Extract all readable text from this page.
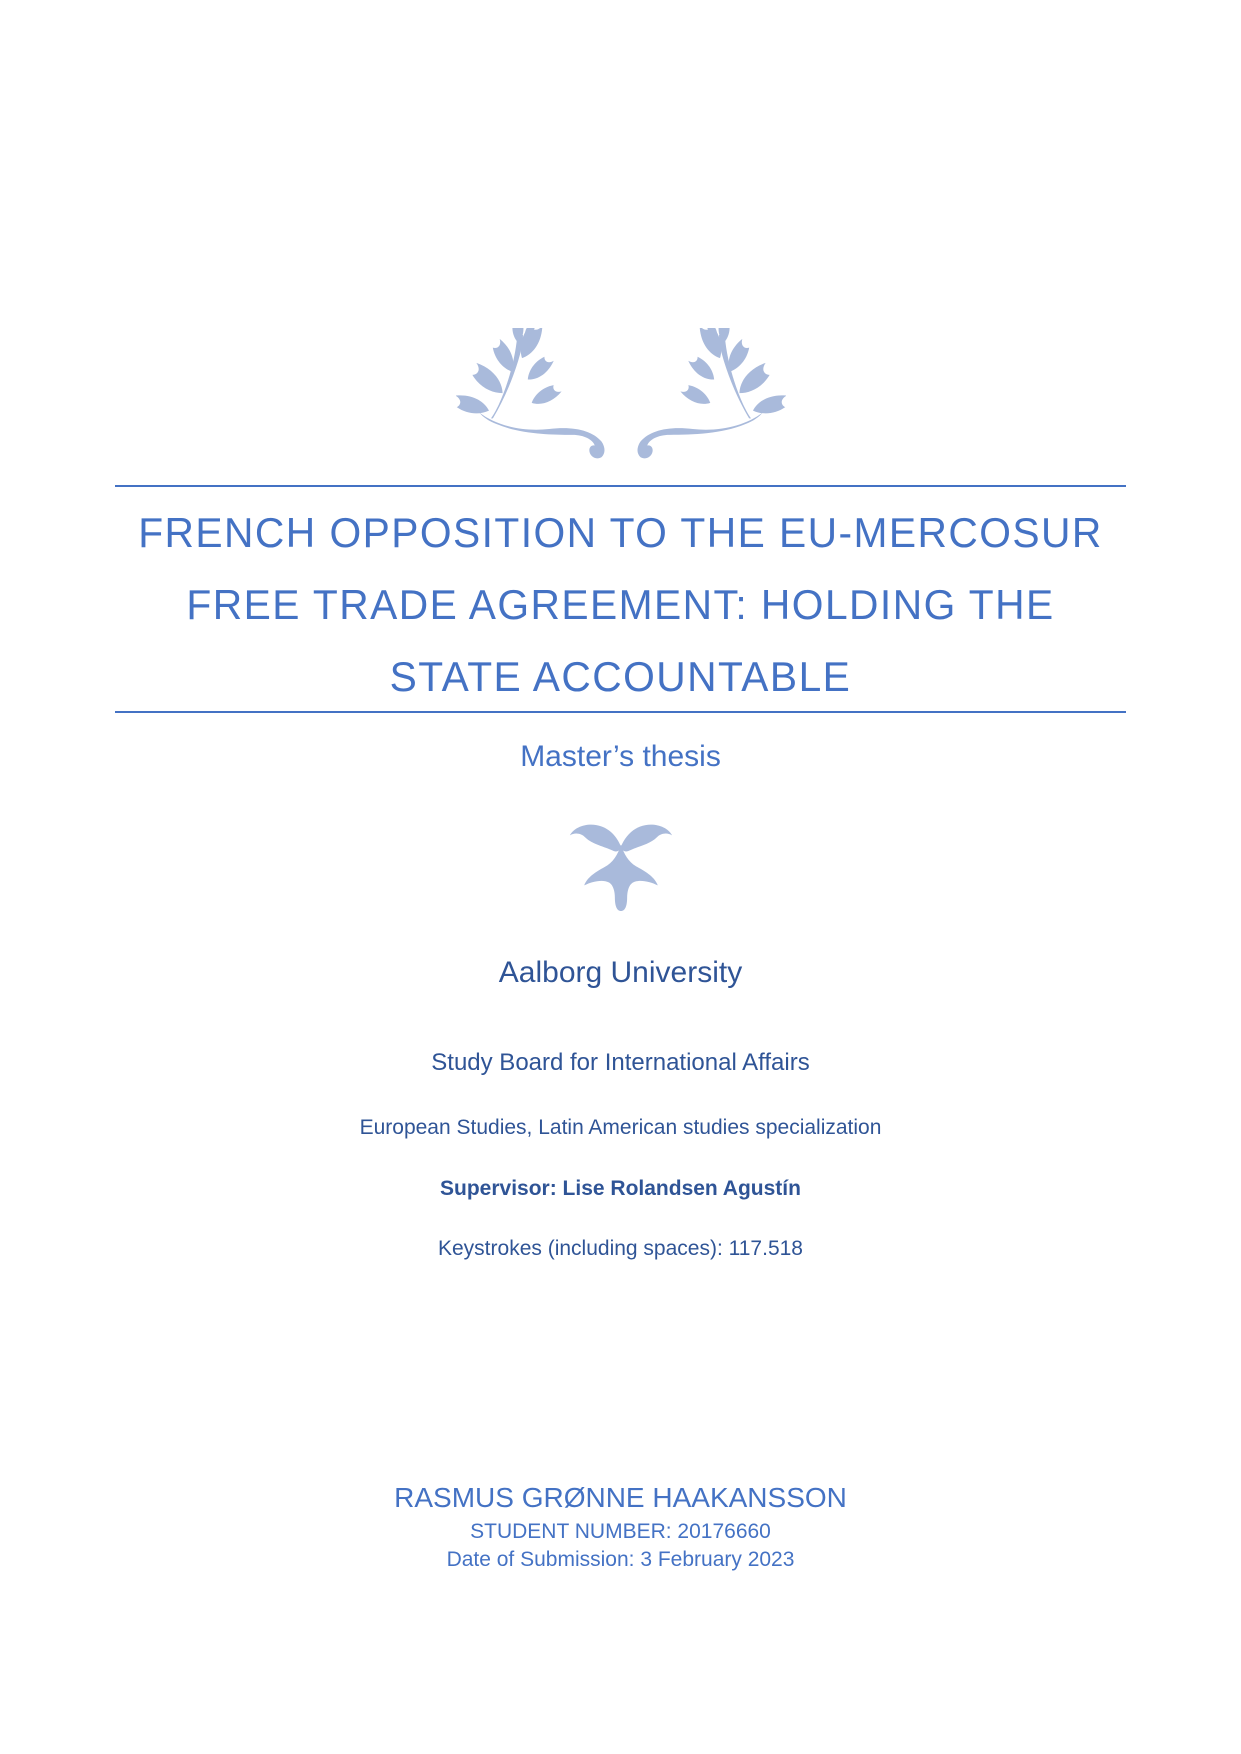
FRENCH OPPOSITION TO THE EU-MERCOSUR
FREE TRADE AGREEMENT: HOLDING THE
STATE ACCOUNTABLE
Master’s thesis
Aalborg University
Study Board for International Affairs
European Studies, Latin American studies specialization
Supervisor: Lise Rolandsen Agustín
Keystrokes (including spaces): 117.518
RASMUS GRØNNE HAAKANSSON
STUDENT NUMBER: 20176660
Date of Submission: 3 February 2023
